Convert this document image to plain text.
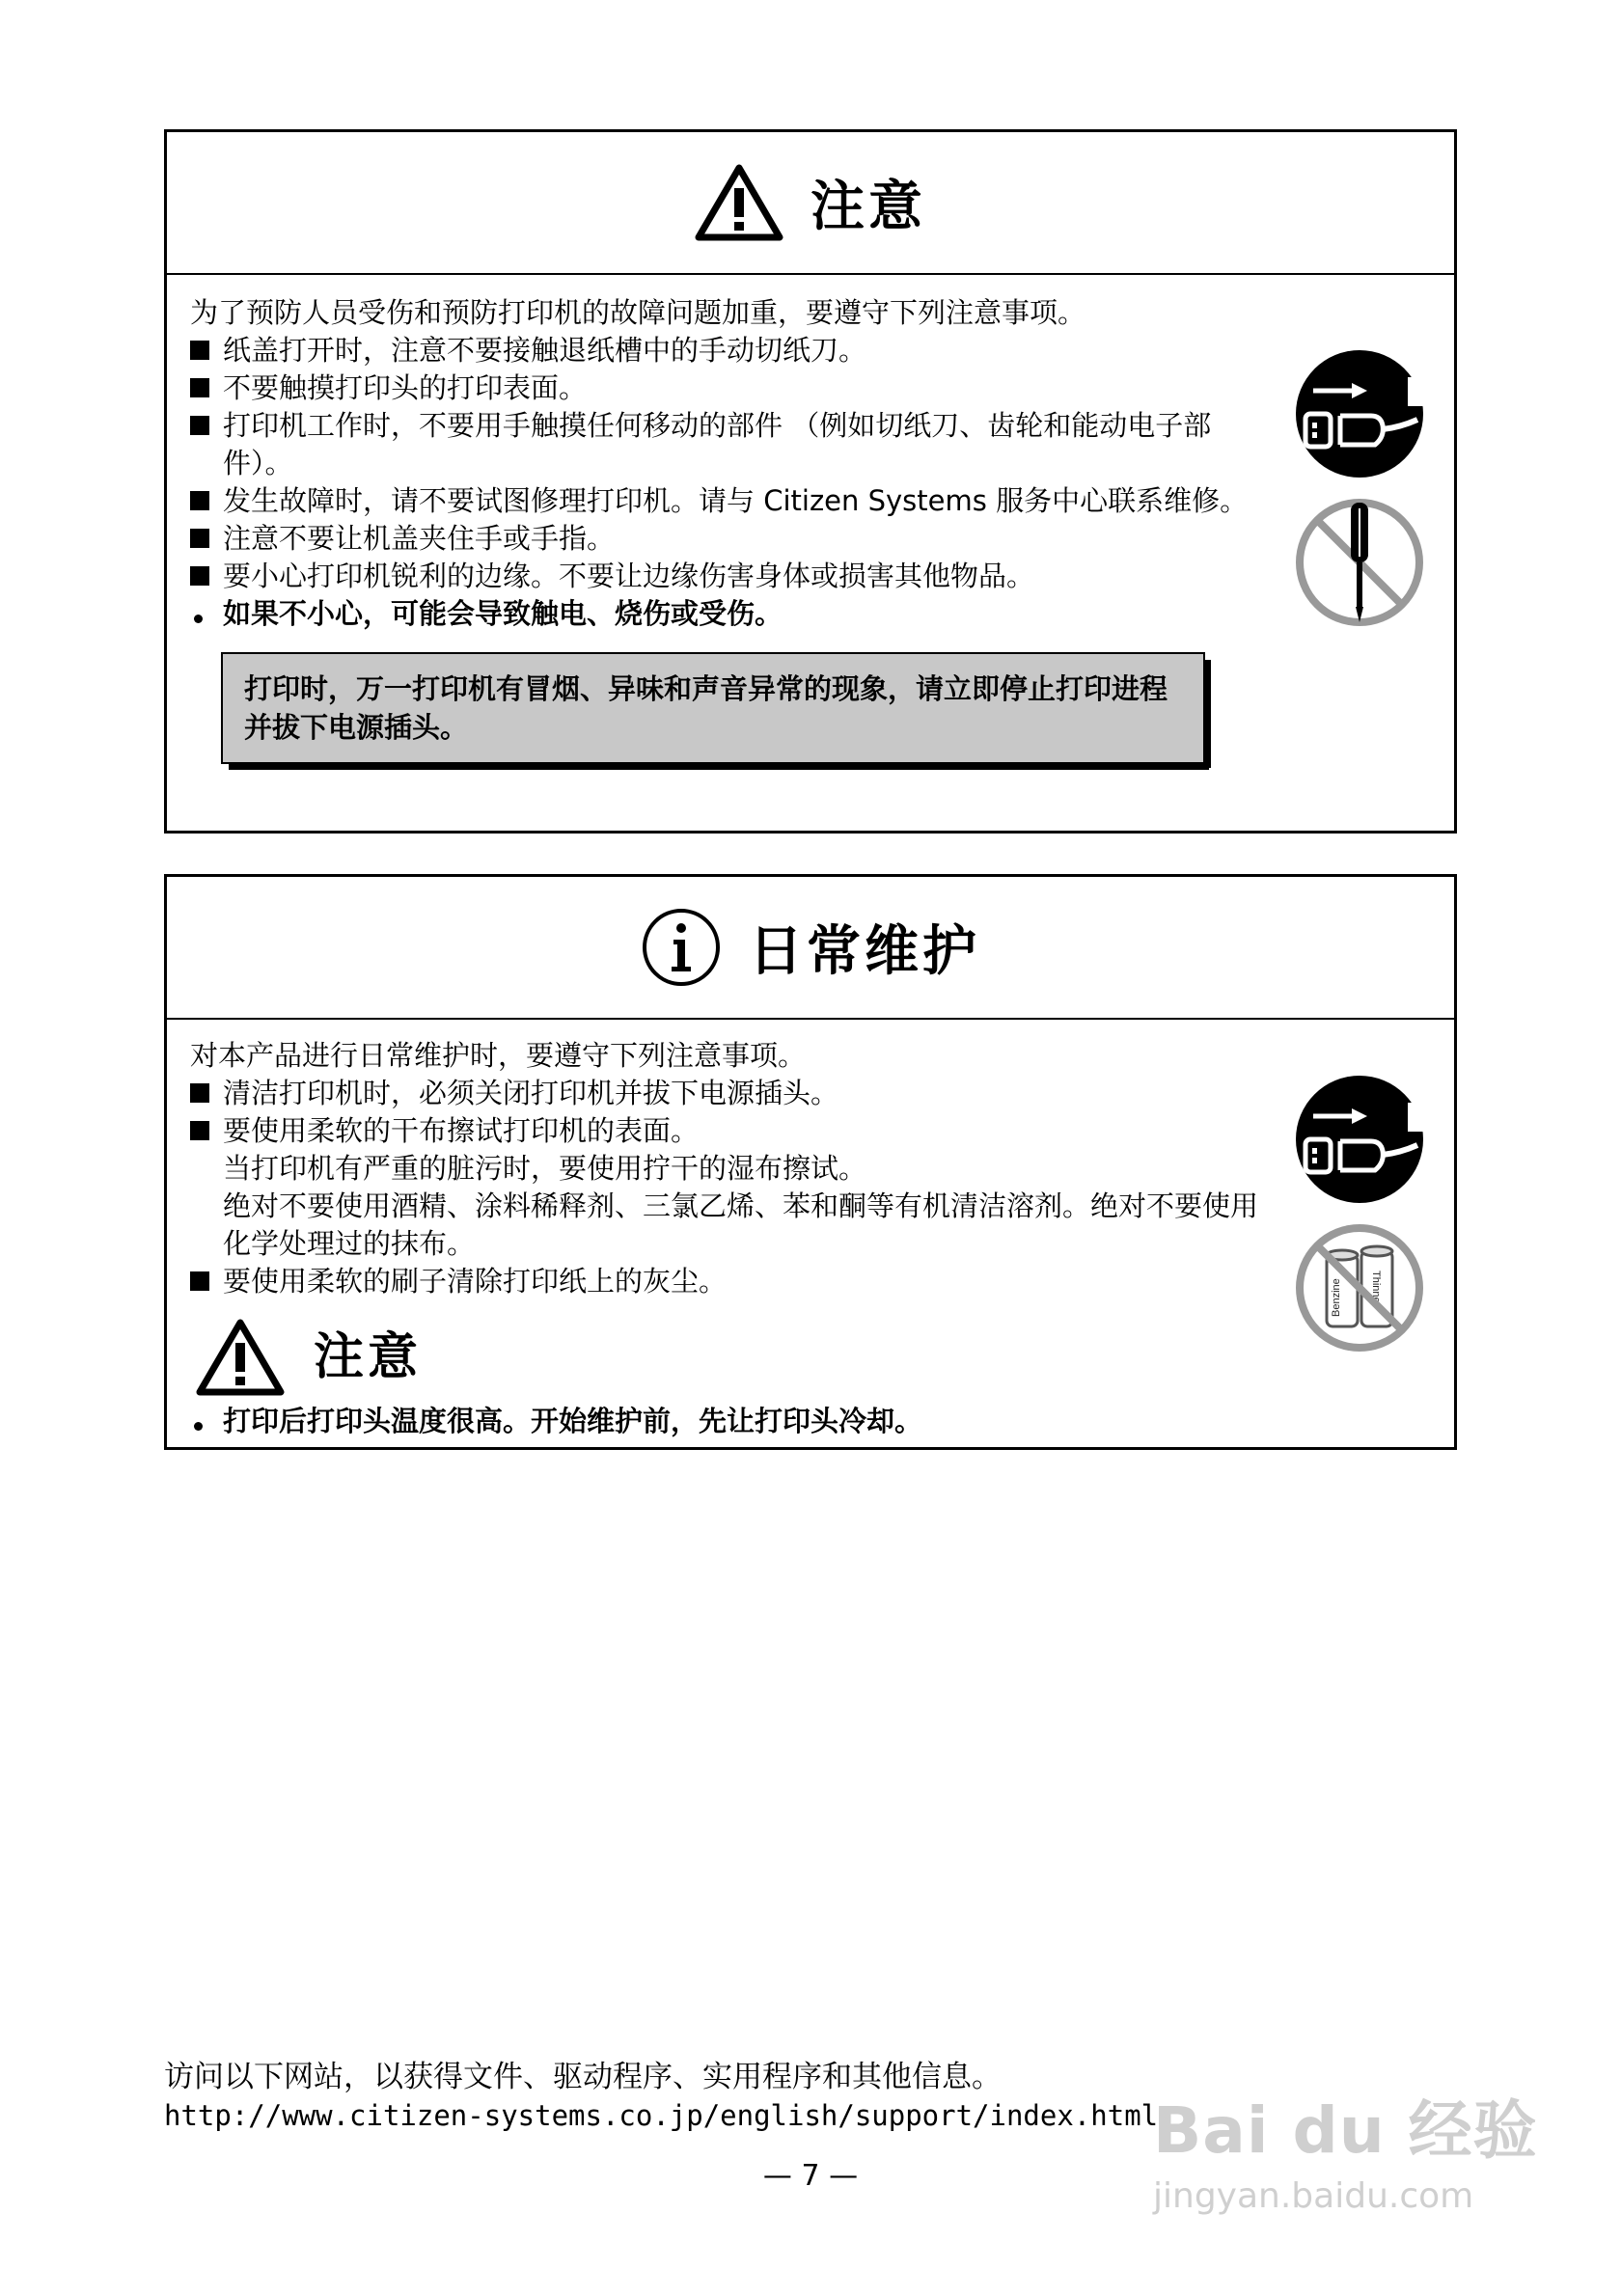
注意
为了预防人员受伤和预防打印机的故障问题加重，要遵守下列注意事项。
纸盖打开时，注意不要接触退纸槽中的手动切纸刀。
不要触摸打印头的打印表面。
打印机工作时，不要用手触摸任何移动的部件 （例如切纸刀、齿轮和能动电子部件）。
发生故障时，请不要试图修理打印机。请与 Citizen Systems 服务中心联系维修。
注意不要让机盖夹住手或手指。
要小心打印机锐利的边缘。不要让边缘伤害身体或损害其他物品。
如果不小心，可能会导致触电、烧伤或受伤。
打印时，万一打印机有冒烟、异味和声音异常的现象，请立即停止打印进程并拔下电源插头。
日常维护
对本产品进行日常维护时，要遵守下列注意事项。
清洁打印机时，必须关闭打印机并拔下电源插头。
要使用柔软的干布擦试打印机的表面。
当打印机有严重的脏污时，要使用拧干的湿布擦试。
绝对不要使用酒精、涂料稀释剂、三氯乙烯、苯和酮等有机清洁溶剂。绝对不要使用化学处理过的抹布。
要使用柔软的刷子清除打印纸上的灰尘。
注意
打印后打印头温度很高。开始维护前，先让打印头冷却。
Benzine	Thinner
访问以下网站，以获得文件、驱动程序、实用程序和其他信息。
http://www.citizen-systems.co.jp/english/support/index.html
— 7 —
Bai du 经验
jingyan.baidu.com
